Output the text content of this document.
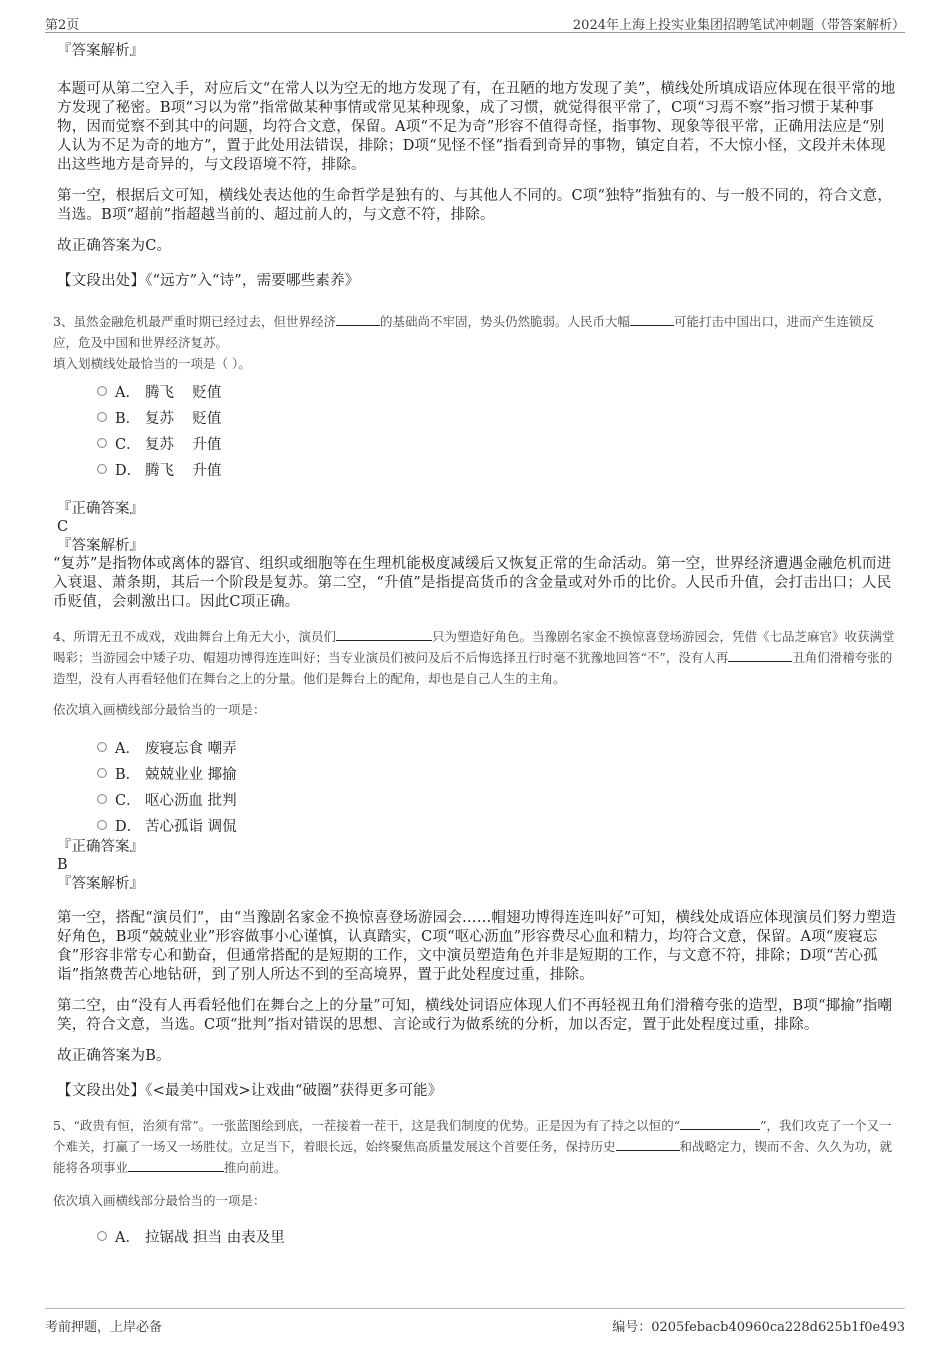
第2页	2024年上海上投实业集团招聘笔试冲刺题（带答案解析）
『答案解析』

本题可从第二空入手，对应后文“在常人以为空无的地方发现了有，在丑陋的地方发现了美”，横线处所填成语应体现在很平常的地方发现了秘密。B项“习以为常”指常做某种事情或常见某种现象，成了习惯，就觉得很平常了，C项“习焉不察”指习惯于某种事物，因而觉察不到其中的问题，均符合文意，保留。A项“不足为奇”形容不值得奇怪，指事物、现象等很平常，正确用法应是“别人认为不足为奇的地方”，置于此处用法错误，排除；D项“见怪不怪”指看到奇异的事物，镇定自若，不大惊小怪，文段并未体现出这些地方是奇异的，与文段语境不符，排除。

第一空，根据后文可知，横线处表达他的生命哲学是独有的、与其他人不同的。C项“独特”指独有的、与一般不同的，符合文意，当选。B项“超前”指超越当前的、超过前人的，与文意不符，排除。

故正确答案为C。

【文段出处】《“远方”入“诗”，需要哪些素养》

3、虽然金融危机最严重时期已经过去，但世界经济	的基础尚不牢固，势头仍然脆弱。人民币大幅	可能打击中国出口，进而产生连锁反应，危及中国和世界经济复苏。

填入划横线处最恰当的一项是（ ）。

A． 腾飞    贬值
B． 复苏    贬值
C． 复苏    升值
D． 腾飞    升值
『正确答案』
C
『答案解析』

“复苏”是指物体或离体的器官、组织或细胞等在生理机能极度减缓后又恢复正常的生命活动。第一空，世界经济遭遇金融危机而进入衰退、萧条期，其后一个阶段是复苏。第二空，“升值”是指提高货币的含金量或对外币的比价。人民币升值，会打击出口；人民币贬值，会刺激出口。因此C项正确。

4、所谓无丑不成戏，戏曲舞台上角无大小，演员们	只为塑造好角色。当豫剧名家金不换惊喜登场游园会，凭借《七品芝麻官》收获满堂喝彩；当游园会中矮子功、帽翅功博得连连叫好；当专业演员们被问及后不后悔选择丑行时毫不犹豫地回答“不”，没有人再	丑角们滑稽夸张的造型，没有人再看轻他们在舞台之上的分量。他们是舞台上的配角，却也是自己人生的主角。

依次填入画横线部分最恰当的一项是：

A． 废寝忘食 嘲弄
B． 兢兢业业 揶揄
C． 呕心沥血 批判
D． 苦心孤诣 调侃
『正确答案』
B
『答案解析』

第一空，搭配“演员们”，由“当豫剧名家金不换惊喜登场游园会……帽翅功博得连连叫好”可知，横线处成语应体现演员们努力塑造好角色，B项“兢兢业业”形容做事小心谨慎，认真踏实，C项“呕心沥血”形容费尽心血和精力，均符合文意，保留。A项“废寝忘食”形容非常专心和勤奋，但通常搭配的是短期的工作，文中演员塑造角色并非是短期的工作，与文意不符，排除；D项“苦心孤诣”指煞费苦心地钻研，到了别人所达不到的至高境界，置于此处程度过重，排除。

第二空，由“没有人再看轻他们在舞台之上的分量”可知，横线处词语应体现人们不再轻视丑角们滑稽夸张的造型，B项“揶揄”指嘲笑，符合文意，当选。C项“批判”指对错误的思想、言论或行为做系统的分析，加以否定，置于此处程度过重，排除。

故正确答案为B。

【文段出处】《<最美中国戏>让戏曲“破圈”获得更多可能》

5、“政贵有恒，治须有常”。一张蓝图绘到底，一茬接着一茬干，这是我们制度的优势。正是因为有了持之以恒的“	”，我们攻克了一个又一个难关，打赢了一场又一场胜仗。立足当下，着眼长远，始终聚焦高质量发展这个首要任务，保持历史	和战略定力，锲而不舍、久久为功，就能将各项事业	推向前进。

依次填入画横线部分最恰当的一项是：

A． 拉锯战 担当 由表及里
考前押题，上岸必备	编号：0205febacb40960ca228d625b1f0e493
